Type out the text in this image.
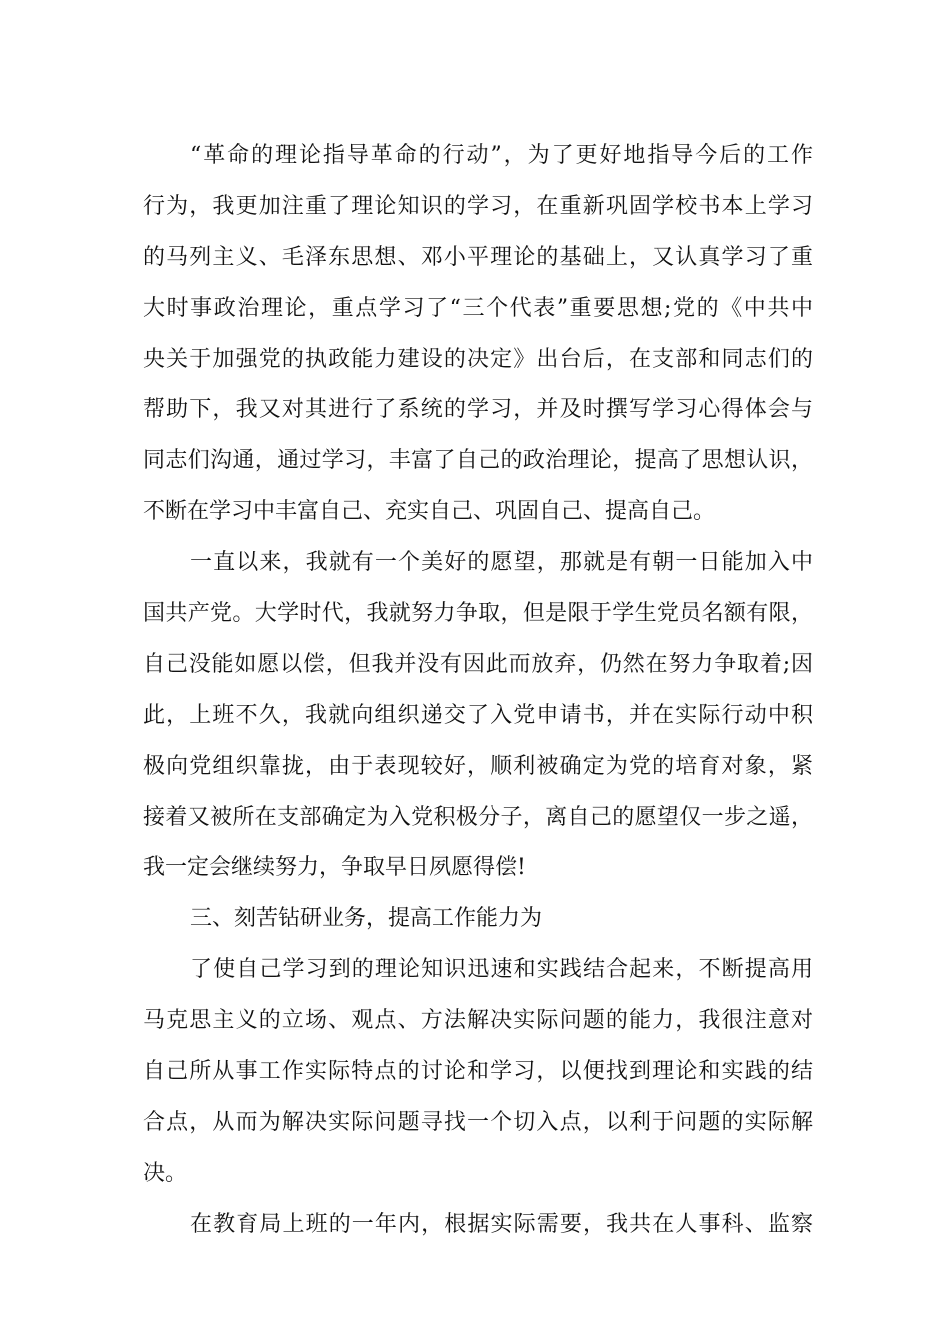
“革命的理论指导革命的行动”，为了更好地指导今后的工作
行为，我更加注重了理论知识的学习，在重新巩固学校书本上学习
的马列主义、毛泽东思想、邓小平理论的基础上，又认真学习了重
大时事政治理论，重点学习了“三个代表”重要思想;党的《中共中
央关于加强党的执政能力建设的决定》出台后，在支部和同志们的
帮助下，我又对其进行了系统的学习，并及时撰写学习心得体会与
同志们沟通，通过学习，丰富了自己的政治理论，提高了思想认识，
不断在学习中丰富自己、充实自己、巩固自己、提高自己。
一直以来，我就有一个美好的愿望，那就是有朝一日能加入中
国共产党。大学时代，我就努力争取，但是限于学生党员名额有限，
自己没能如愿以偿，但我并没有因此而放弃，仍然在努力争取着;因
此，上班不久，我就向组织递交了入党申请书，并在实际行动中积
极向党组织靠拢，由于表现较好，顺利被确定为党的培育对象，紧
接着又被所在支部确定为入党积极分子，离自己的愿望仅一步之遥，
我一定会继续努力，争取早日夙愿得偿!
三、刻苦钻研业务，提高工作能力为
了使自己学习到的理论知识迅速和实践结合起来，不断提高用
马克思主义的立场、观点、方法解决实际问题的能力，我很注意对
自己所从事工作实际特点的讨论和学习，以便找到理论和实践的结
合点，从而为解决实际问题寻找一个切入点，以利于问题的实际解
决。
在教育局上班的一年内，根据实际需要，我共在人事科、监察
